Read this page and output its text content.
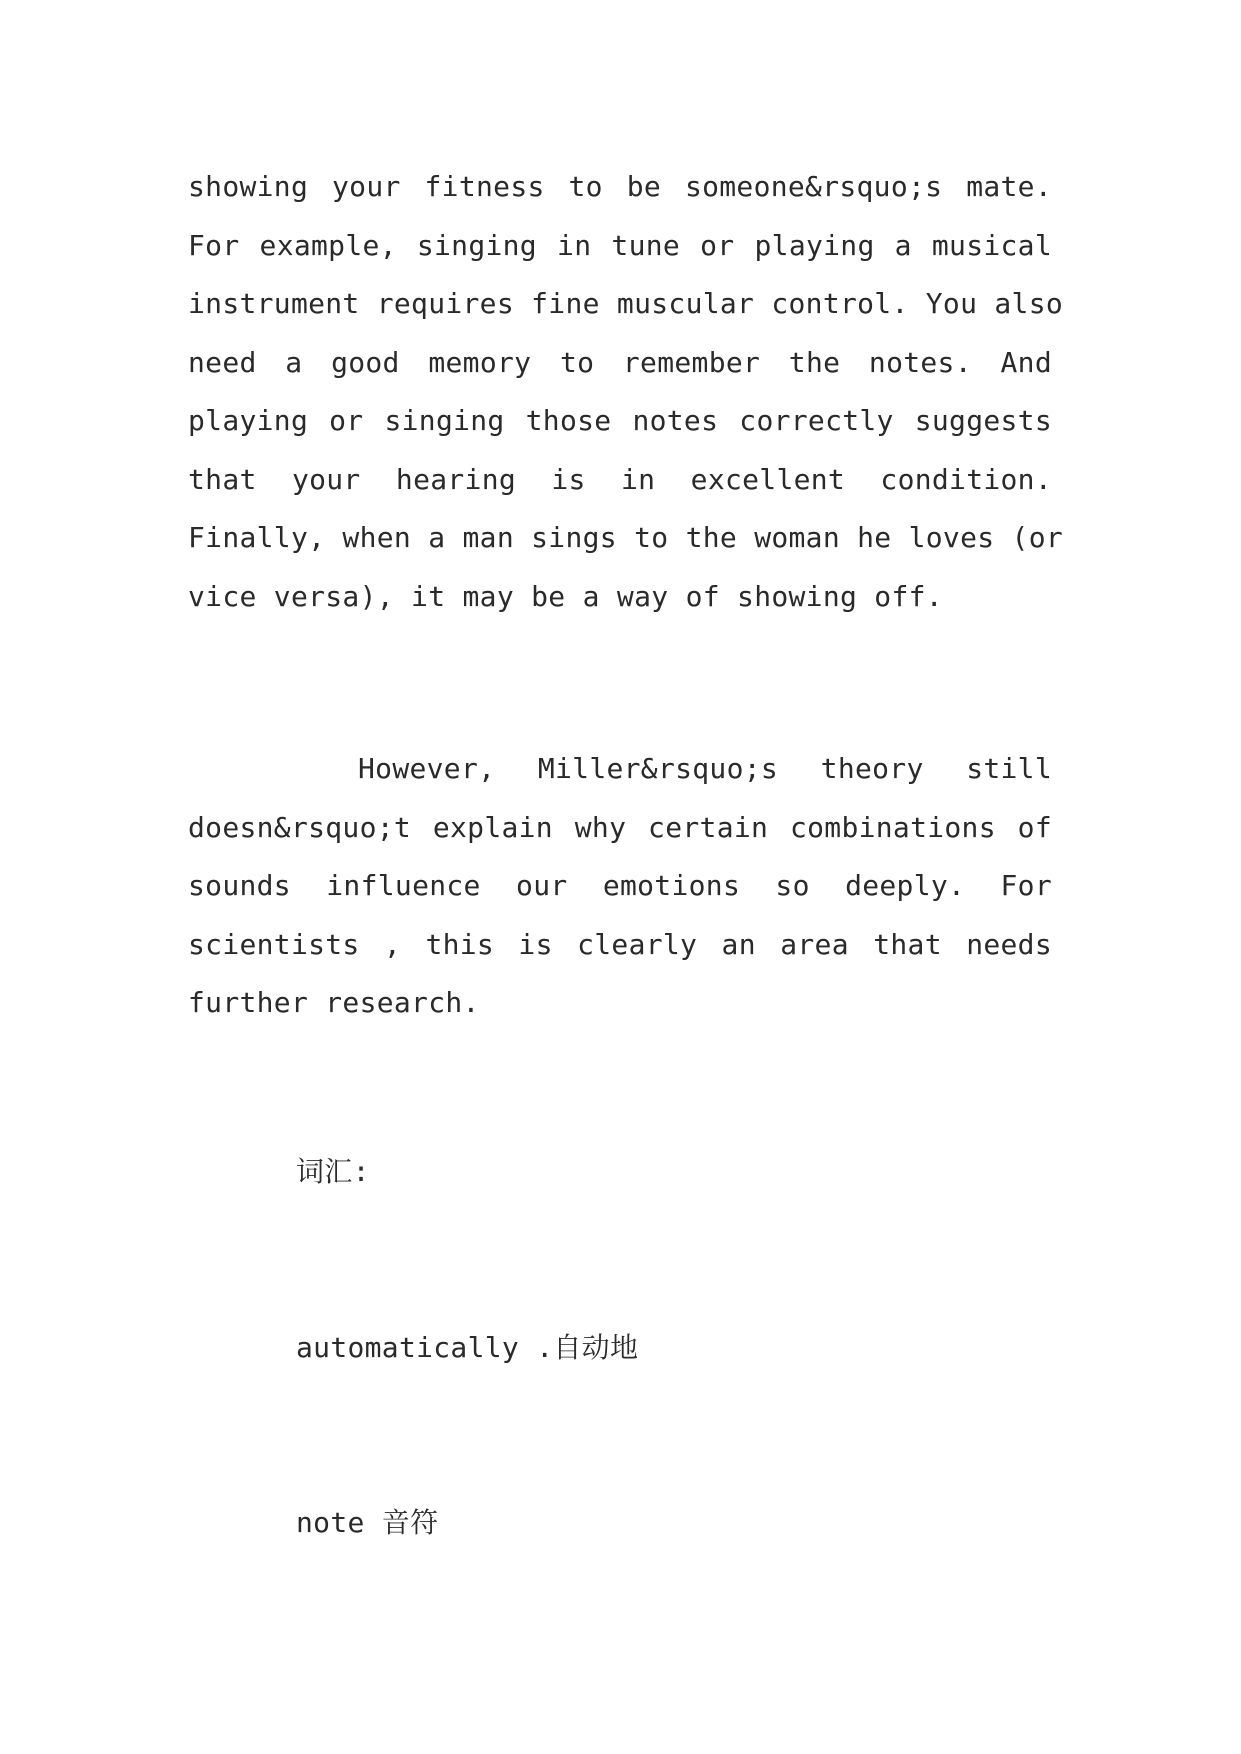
showing your fitness to be someone&rsquo;s mate.
For example, singing in tune or playing a musical
instrument requires fine muscular control. You also
need a good memory to remember the notes. And
playing or singing those notes correctly suggests
that your hearing is in excellent condition.
Finally, when a man sings to the woman he loves (or
vice versa), it may be a way of showing off.
However, Miller&rsquo;s theory still
doesn&rsquo;t explain why certain combinations of
sounds influence our emotions so deeply. For
scientists , this is clearly an area that needs
further research.

词汇:

automatically .自动地

note 音符
